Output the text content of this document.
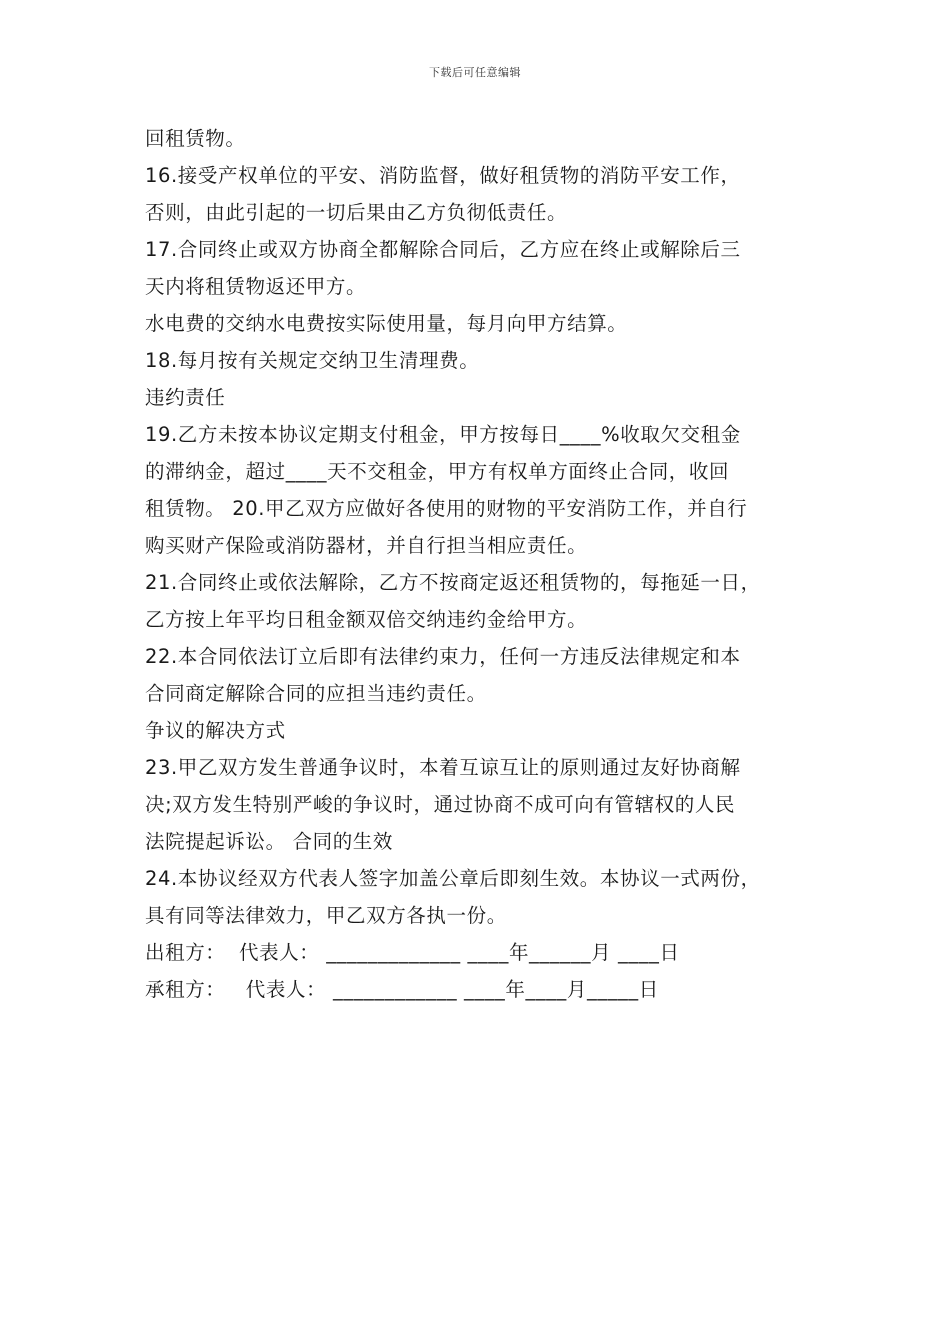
下载后可任意编辑
回租赁物。
16.接受产权单位的平安、消防监督，做好租赁物的消防平安工作，
否则，由此引起的一切后果由乙方负彻低责任。
17.合同终止或双方协商全都解除合同后，乙方应在终止或解除后三
天内将租赁物返还甲方。
水电费的交纳水电费按实际使用量，每月向甲方结算。
18.每月按有关规定交纳卫生清理费。
违约责任
19.乙方未按本协议定期支付租金，甲方按每日____%收取欠交租金
的滞纳金，超过____天不交租金，甲方有权单方面终止合同，收回
租赁物。 20.甲乙双方应做好各使用的财物的平安消防工作，并自行
购买财产保险或消防器材，并自行担当相应责任。
21.合同终止或依法解除，乙方不按商定返还租赁物的，每拖延一日，
乙方按上年平均日租金额双倍交纳违约金给甲方。
22.本合同依法订立后即有法律约束力，任何一方违反法律规定和本
合同商定解除合同的应担当违约责任。
争议的解决方式
23.甲乙双方发生普通争议时，本着互谅互让的原则通过友好协商解
决;双方发生特别严峻的争议时，通过协商不成可向有管辖权的人民
法院提起诉讼。 合同的生效
24.本协议经双方代表人签字加盖公章后即刻生效。本协议一式两份，
具有同等法律效力，甲乙双方各执一份。
出租方：  代表人： _____________ ____年______月 ____日
承租方：   代表人： ____________ ____年____月_____日
